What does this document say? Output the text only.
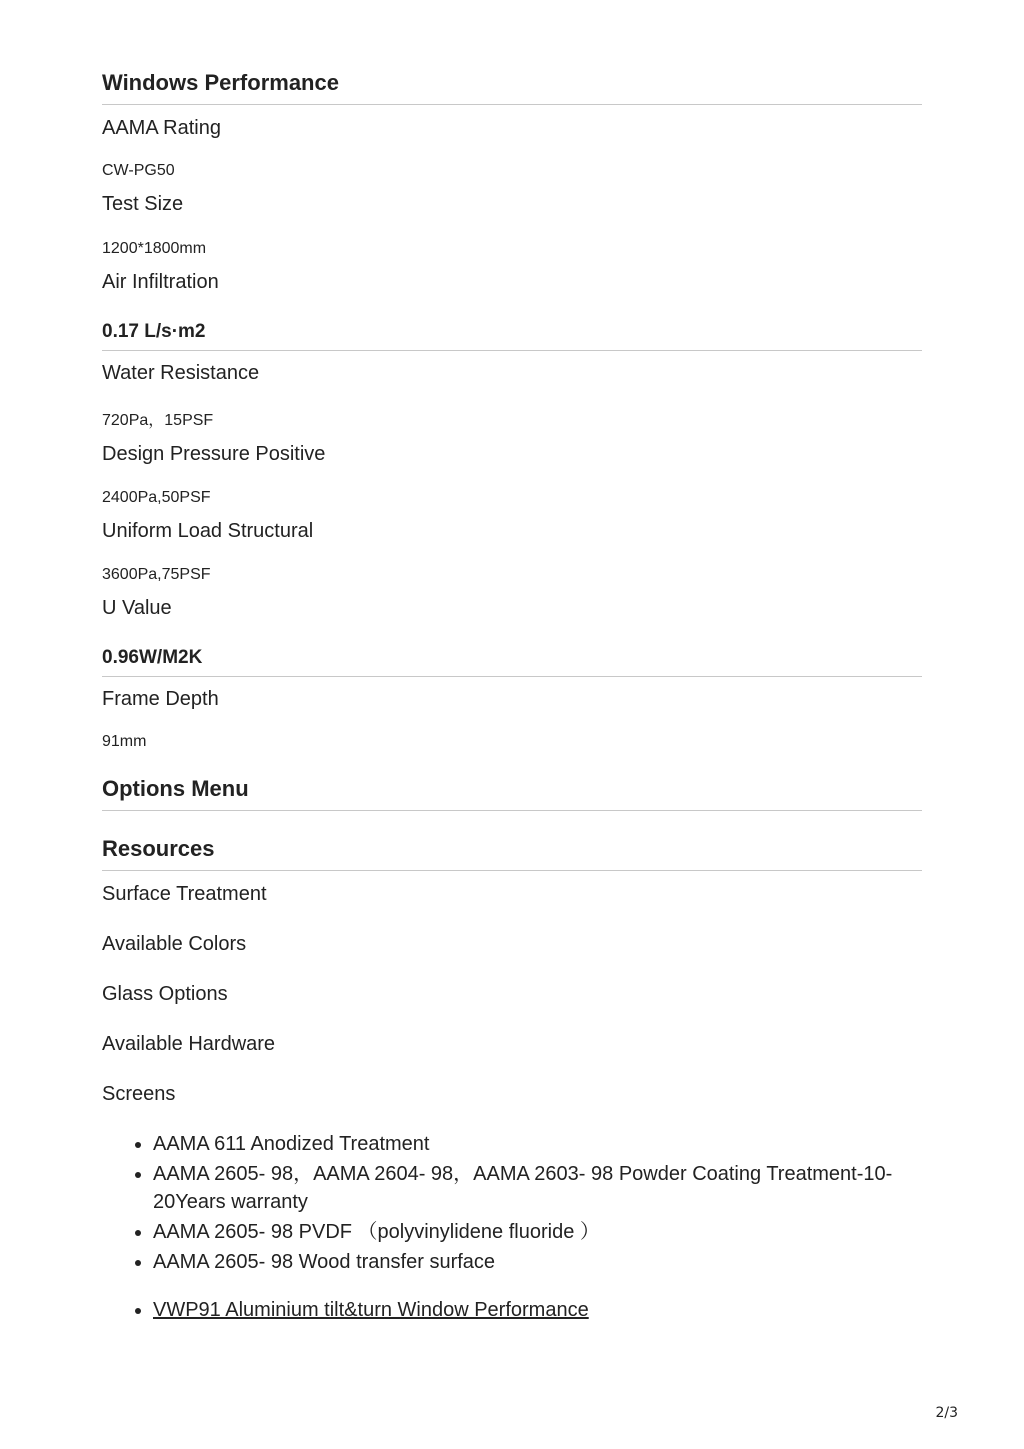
Windows Performance

AAMA Rating

CW-PG50

Test Size

1200*1800mm

Air Infiltration

0.17 L/s·m2

Water Resistance

720Pa，15PSF

Design Pressure Positive

2400Pa,50PSF

Uniform Load Structural

3600Pa,75PSF

U Value

0.96W/M2K

Frame Depth

91mm

Options Menu
Resources

Surface Treatment

Available Colors

Glass Options

Available Hardware

Screens

• AAMA 611 Anodized Treatment
• AAMA 2605- 98，AAMA 2604- 98，AAMA 2603- 98 Powder Coating Treatment-10-20Years warranty
• AAMA 2605- 98 PVDF （polyvinylidene fluoride ）
• AAMA 2605- 98 Wood transfer surface
• VWP91 Aluminium tilt&turn Window Performance
2/3
